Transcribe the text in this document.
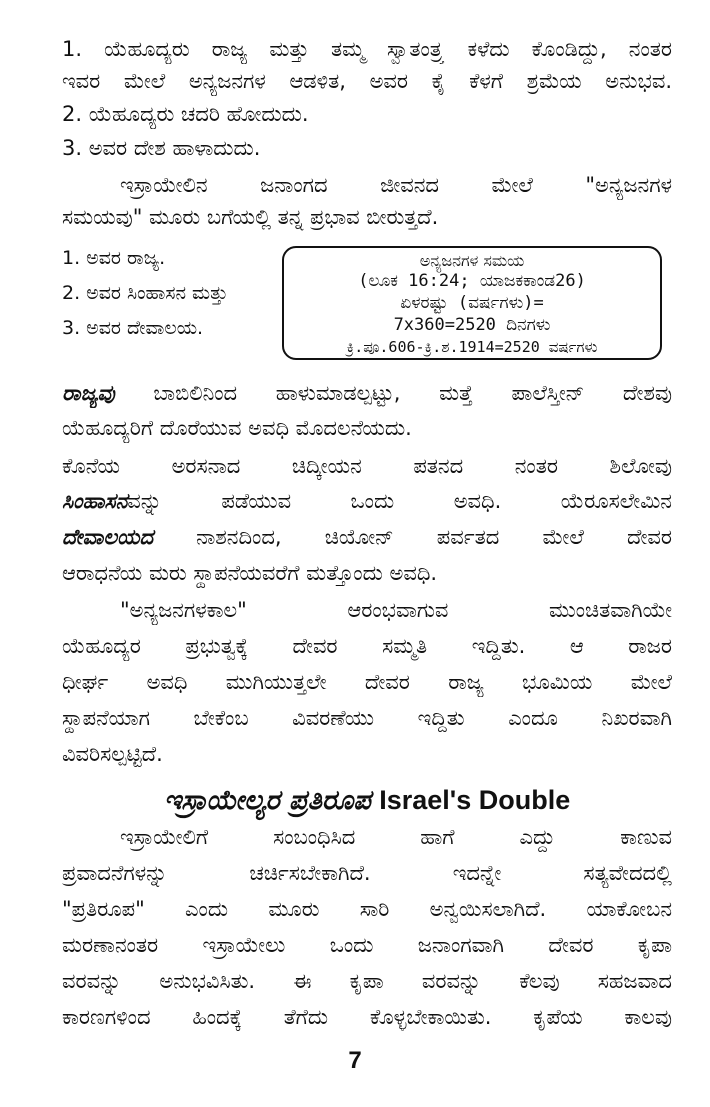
1. ಯೆಹೂದ್ಯರು ರಾಜ್ಯ ಮತ್ತು ತಮ್ಮ ಸ್ವಾತಂತ್ರ್ಯ ಕಳೆದು ಕೊಂಡಿದ್ದು, ನಂತರ
ಇವರ ಮೇಲೆ ಅನ್ಯಜನಗಳ ಆಡಳಿತ, ಅವರ ಕೈ ಕೆಳಗೆ ಶ್ರಮೆಯ ಅನುಭವ.
2. ಯೆಹೂದ್ಯರು ಚದರಿ ಹೋದುದು.
3. ಅವರ ದೇಶ ಹಾಳಾದುದು.
ಇಸ್ರಾಯೇಲಿನ ಜನಾಂಗದ ಜೀವನದ ಮೇಲೆ "ಅನ್ಯಜನಗಳ
ಸಮಯವು" ಮೂರು ಬಗೆಯಲ್ಲಿ ತನ್ನ ಪ್ರಭಾವ ಬೀರುತ್ತದೆ.
1. ಅವರ ರಾಜ್ಯ.
2. ಅವರ ಸಿಂಹಾಸನ ಮತ್ತು
3. ಅವರ ದೇವಾಲಯ.
ಅನ್ಯಜನಗಳ ಸಮಯ
(ಲೂಕ 16:24; ಯಾಜಕಕಾಂಡ26)
ಏಳರಷ್ಟು (ವರ್ಷಗಳು)=
7x360=2520 ದಿನಗಳು
ಕ್ರಿ.ಪೂ.606-ಕ್ರಿ.ಶ.1914=2520 ವರ್ಷಗಳು
ರಾಜ್ಯವು ಬಾಬಿಲಿನಿಂದ ಹಾಳುಮಾಡಲ್ಪಟ್ಟು, ಮತ್ತೆ ಪಾಲೆಸ್ತೀನ್ ದೇಶವು
ಯೆಹೂದ್ಯರಿಗೆ ದೊರೆಯುವ ಅವಧಿ ಮೊದಲನೆಯದು.
ಕೊನೆಯ ಅರಸನಾದ ಚಿದ್ಕೀಯನ ಪತನದ ನಂತರ ಶಿಲೋವು
ಸಿಂಹಾಸನವನ್ನು ಪಡೆಯುವ ಒಂದು ಅವಧಿ. ಯೆರೂಸಲೇಮಿನ
ದೇವಾಲಯದ ನಾಶನದಿಂದ, ಚಿಯೋನ್ ಪರ್ವತದ ಮೇಲೆ ದೇವರ
ಆರಾಧನೆಯ ಮರು ಸ್ಥಾಪನೆಯವರೆಗೆ ಮತ್ತೊಂದು ಅವಧಿ.
"ಅನ್ಯಜನಗಳಕಾಲ" ಆರಂಭವಾಗುವ ಮುಂಚಿತವಾಗಿಯೇ
ಯೆಹೂದ್ಯರ ಪ್ರಭುತ್ವಕ್ಕೆ ದೇವರ ಸಮ್ಮತಿ ಇದ್ದಿತು. ಆ ರಾಜರ
ಧೀರ್ಘ ಅವಧಿ ಮುಗಿಯುತ್ತಲೇ ದೇವರ ರಾಜ್ಯ ಭೂಮಿಯ ಮೇಲೆ
ಸ್ಥಾಪನೆಯಾಗ ಬೇಕೆಂಬ ವಿವರಣೆಯು ಇದ್ದಿತು ಎಂದೂ ನಿಖರವಾಗಿ
ವಿವರಿಸಲ್ಪಟ್ಟಿದೆ.
ಇಸ್ರಾಯೇಲ್ಯರ ಪ್ರತಿರೂಪ Israel's Double
ಇಸ್ರಾಯೇಲಿಗೆ ಸಂಬಂಧಿಸಿದ ಹಾಗೆ ಎದ್ದು ಕಾಣುವ
ಪ್ರವಾದನೆಗಳನ್ನು ಚರ್ಚಿಸಬೇಕಾಗಿದೆ. ಇದನ್ನೇ ಸತ್ಯವೇದದಲ್ಲಿ
"ಪ್ರತಿರೂಪ" ಎಂದು ಮೂರು ಸಾರಿ ಅನ್ವಯಿಸಲಾಗಿದೆ. ಯಾಕೋಬನ
ಮರಣಾನಂತರ ಇಸ್ರಾಯೇಲು ಒಂದು ಜನಾಂಗವಾಗಿ ದೇವರ ಕೃಪಾ
ವರವನ್ನು ಅನುಭವಿಸಿತು. ಈ ಕೃಪಾ ವರವನ್ನು ಕೆಲವು ಸಹಜವಾದ
ಕಾರಣಗಳಿಂದ ಹಿಂದಕ್ಕೆ ತೆಗೆದು ಕೊಳ್ಳಬೇಕಾಯಿತು. ಕೃಪೆಯ ಕಾಲವು
7
